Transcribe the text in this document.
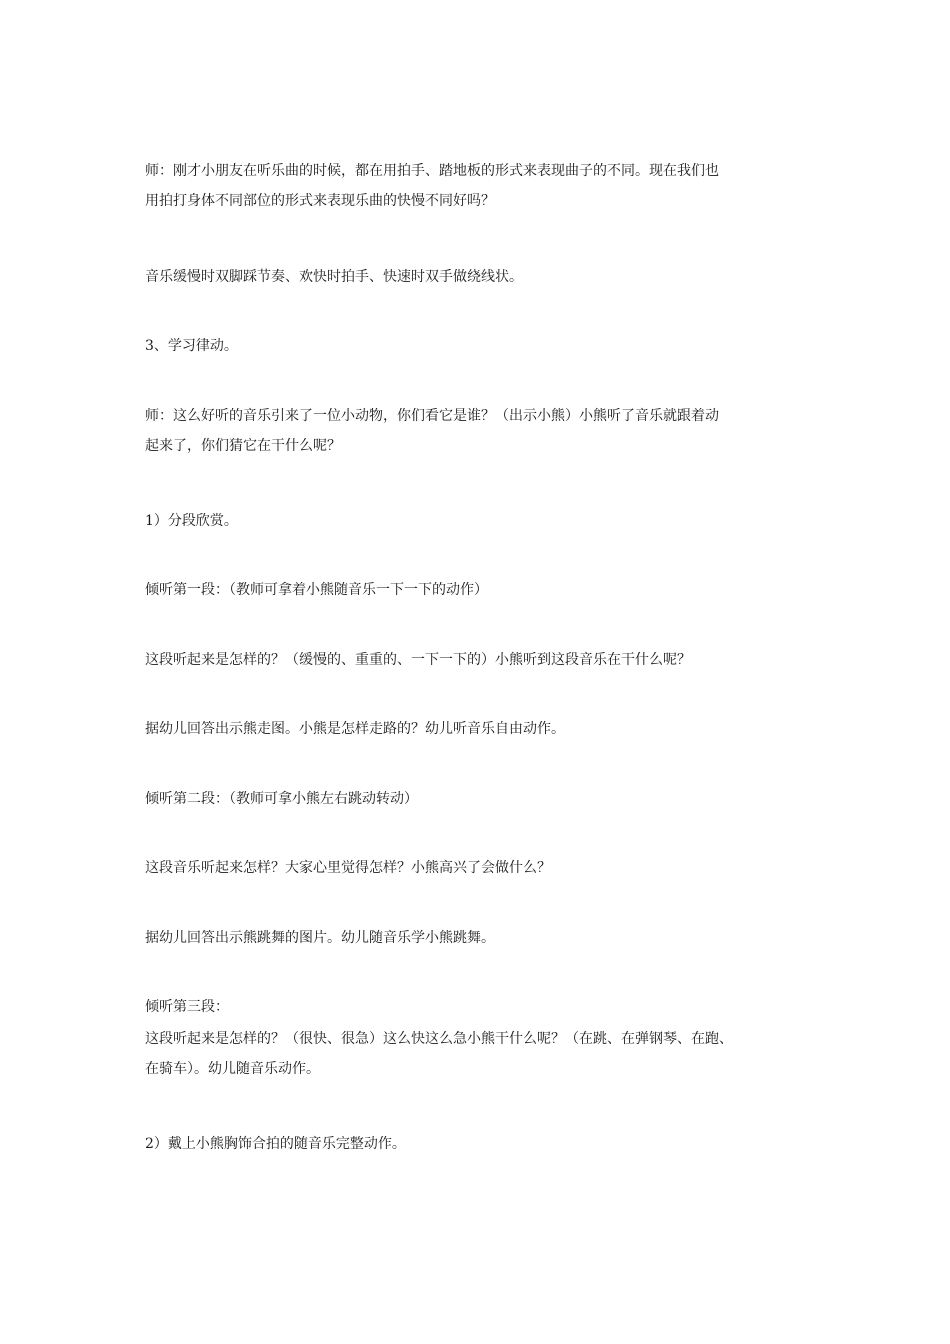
师：刚才小朋友在听乐曲的时候，都在用拍手、踏地板的形式来表现曲子的不同。现在我们也
用拍打身体不同部位的形式来表现乐曲的快慢不同好吗？

音乐缓慢时双脚踩节奏、欢快时拍手、快速时双手做绕线状。

3、学习律动。

师：这么好听的音乐引来了一位小动物，你们看它是谁？（出示小熊）小熊听了音乐就跟着动
起来了，你们猜它在干什么呢？

1）分段欣赏。

倾听第一段：（教师可拿着小熊随音乐一下一下的动作）

这段听起来是怎样的？（缓慢的、重重的、一下一下的）小熊听到这段音乐在干什么呢？

据幼儿回答出示熊走图。小熊是怎样走路的？幼儿听音乐自由动作。

倾听第二段：（教师可拿小熊左右跳动转动）

这段音乐听起来怎样？大家心里觉得怎样？小熊高兴了会做什么？

据幼儿回答出示熊跳舞的图片。幼儿随音乐学小熊跳舞。

倾听第三段：

这段听起来是怎样的？（很快、很急）这么快这么急小熊干什么呢？（在跳、在弹钢琴、在跑、
在骑车）。幼儿随音乐动作。

2）戴上小熊胸饰合拍的随音乐完整动作。
